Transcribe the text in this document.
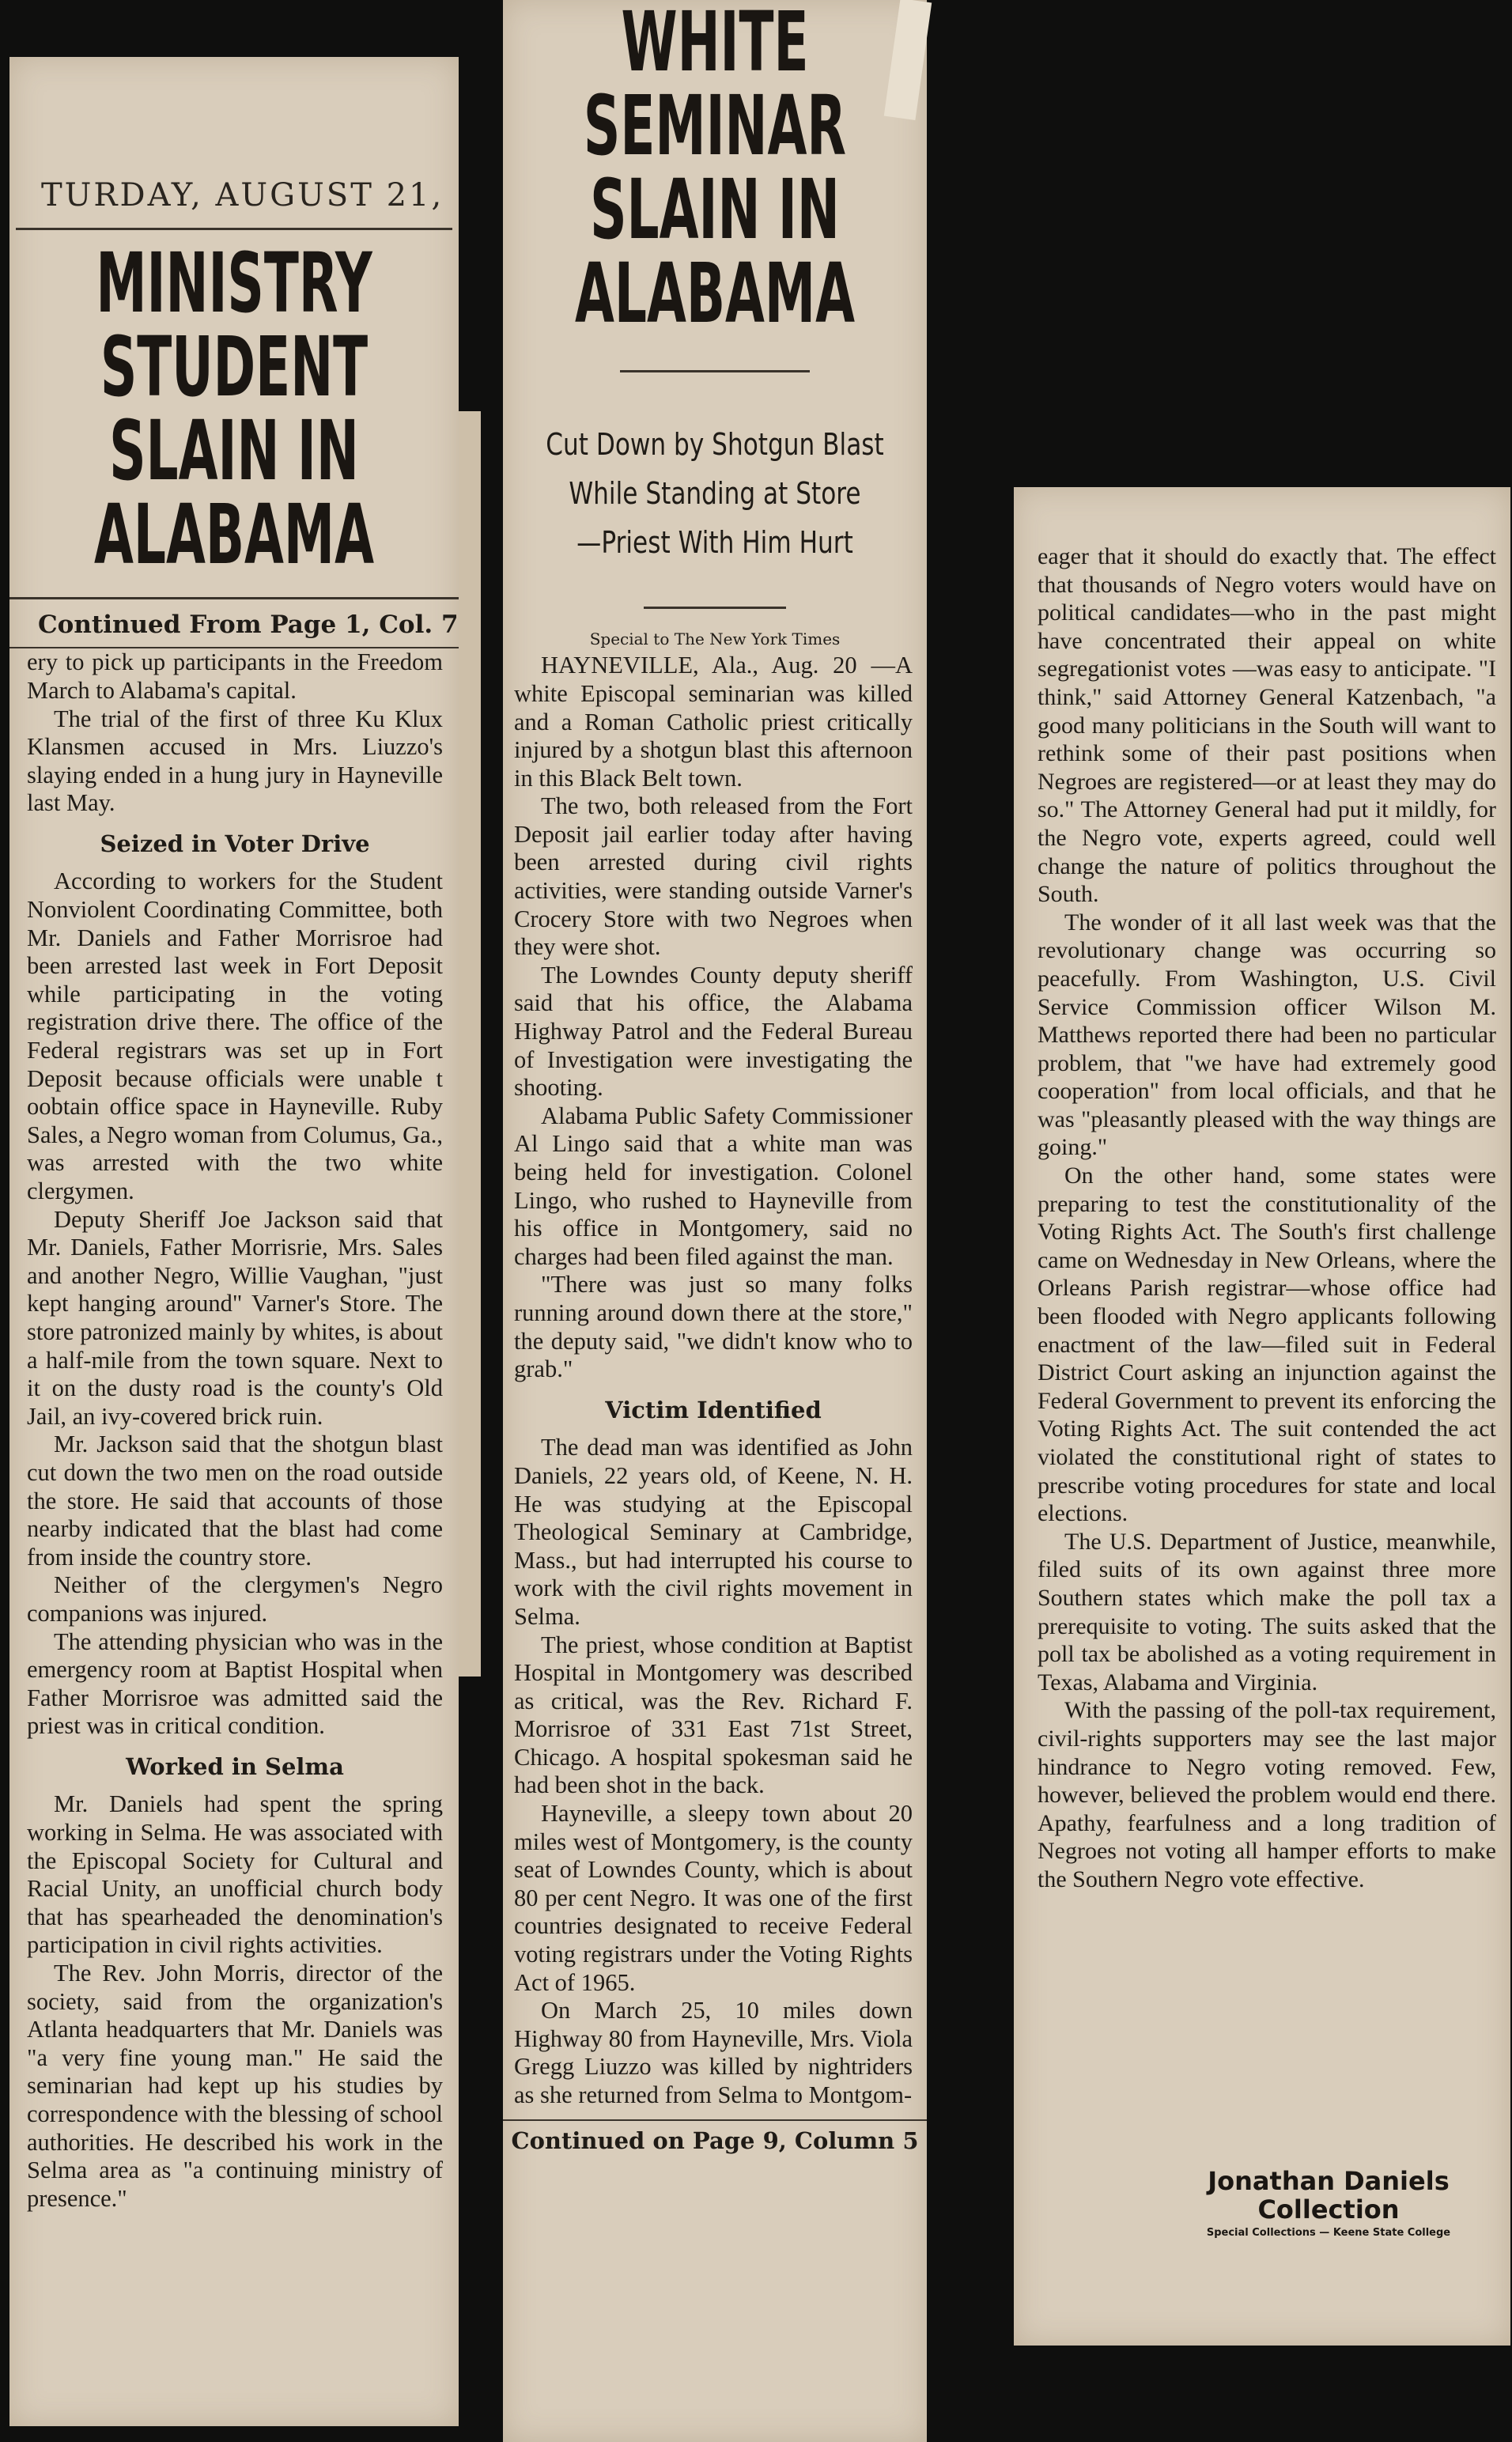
TURDAY, AUGUST 21,
MINISTRY STUDENT
SLAIN IN ALABAMA
Continued From Page 1, Col. 7

ery to pick up participants in the Freedom March to Alabama's capital.

The trial of the first of three Ku Klux Klansmen accused in Mrs. Liuzzo's slaying ended in a hung jury in Hayneville last May.

Seized in Voter Drive

According to workers for the Student Nonviolent Coordinating Committee, both Mr. Daniels and Father Morrisroe had been arrested last week in Fort Deposit while participating in the voting registration drive there. The office of the Federal registrars was set up in Fort Deposit because officials were unable t oobtain office space in Hayneville. Ruby Sales, a Negro woman from Columus, Ga., was arrested with the two white clergymen.

Deputy Sheriff Joe Jackson said that Mr. Daniels, Father Morrisrie, Mrs. Sales and another Negro, Willie Vaughan, "just kept hanging around" Varner's Store. The store patronized mainly by whites, is about a half-mile from the town square. Next to it on the dusty road is the county's Old Jail, an ivy-covered brick ruin.

Mr. Jackson said that the shotgun blast cut down the two men on the road outside the store. He said that accounts of those nearby indicated that the blast had come from inside the country store.

Neither of the clergymen's Negro companions was injured.

The attending physician who was in the emergency room at Baptist Hospital when Father Morrisroe was admitted said the priest was in critical condition.

Worked in Selma

Mr. Daniels had spent the spring working in Selma. He was associated with the Episcopal Society for Cultural and Racial Unity, an unofficial church body that has spearheaded the denomination's participation in civil rights activities.

The Rev. John Morris, director of the society, said from the organization's Atlanta headquarters that Mr. Daniels was "a very fine young man." He said the seminarian had kept up his studies by correspondence with the blessing of school authorities. He described his work in the Selma area as "a continuing ministry of presence."

WHITE SEMINAR
SLAIN IN ALABAMA
Cut Down by Shotgun Blast
While Standing at Store
—Priest With Him Hurt
Special to The New York Times

HAYNEVILLE, Ala., Aug. 20 —A white Episcopal seminarian was killed and a Roman Catholic priest critically injured by a shotgun blast this afternoon in this Black Belt town.

The two, both released from the Fort Deposit jail earlier today after having been arrested during civil rights activities, were standing outside Varner's Crocery Store with two Negroes when they were shot.

The Lowndes County deputy sheriff said that his office, the Alabama Highway Patrol and the Federal Bureau of Investigation were investigating the shooting.

Alabama Public Safety Commissioner Al Lingo said that a white man was being held for investigation. Colonel Lingo, who rushed to Hayneville from his office in Montgomery, said no charges had been filed against the man.

"There was just so many folks running around down there at the store," the deputy said, "we didn't know who to grab."

Victim Identified

The dead man was identified as John Daniels, 22 years old, of Keene, N. H. He was studying at the Episcopal Theological Seminary at Cambridge, Mass., but had interrupted his course to work with the civil rights movement in Selma.

The priest, whose condition at Baptist Hospital in Montgomery was described as critical, was the Rev. Richard F. Morrisroe of 331 East 71st Street, Chicago. A hospital spokesman said he had been shot in the back.

Hayneville, a sleepy town about 20 miles west of Montgomery, is the county seat of Lowndes County, which is about 80 per cent Negro. It was one of the first countries designated to receive Federal voting registrars under the Voting Rights Act of 1965.

On March 25, 10 miles down Highway 80 from Hayneville, Mrs. Viola Gregg Liuzzo was killed by nightriders as she returned from Selma to Montgom-

Continued on Page 9, Column 5

eager that it should do exactly that. The effect that thousands of Negro voters would have on political candidates—who in the past might have concentrated their appeal on white segregationist votes —was easy to anticipate. "I think," said Attorney General Katzenbach, "a good many politicians in the South will want to rethink some of their past positions when Negroes are registered—or at least they may do so." The Attorney General had put it mildly, for the Negro vote, experts agreed, could well change the nature of politics throughout the South.

The wonder of it all last week was that the revolutionary change was occurring so peacefully. From Washington, U.S. Civil Service Commission officer Wilson M. Matthews reported there had been no particular problem, that "we have had extremely good cooperation" from local officials, and that he was "pleasantly pleased with the way things are going."

On the other hand, some states were preparing to test the constitutionality of the Voting Rights Act. The South's first challenge came on Wednesday in New Orleans, where the Orleans Parish registrar—whose office had been flooded with Negro applicants following enactment of the law—filed suit in Federal District Court asking an injunction against the Federal Government to prevent its enforcing the Voting Rights Act. The suit contended the act violated the constitutional right of states to prescribe voting procedures for state and local elections.

The U.S. Department of Justice, meanwhile, filed suits of its own against three more Southern states which make the poll tax a prerequisite to voting. The suits asked that the poll tax be abolished as a voting requirement in Texas, Alabama and Virginia.

With the passing of the poll-tax requirement, civil-rights supporters may see the last major hindrance to Negro voting removed. Few, however, believed the problem would end there. Apathy, fearfulness and a long tradition of Negroes not voting all hamper efforts to make the Southern Negro vote effective.

Jonathan Daniels
Collection
Special Collections — Keene State College
